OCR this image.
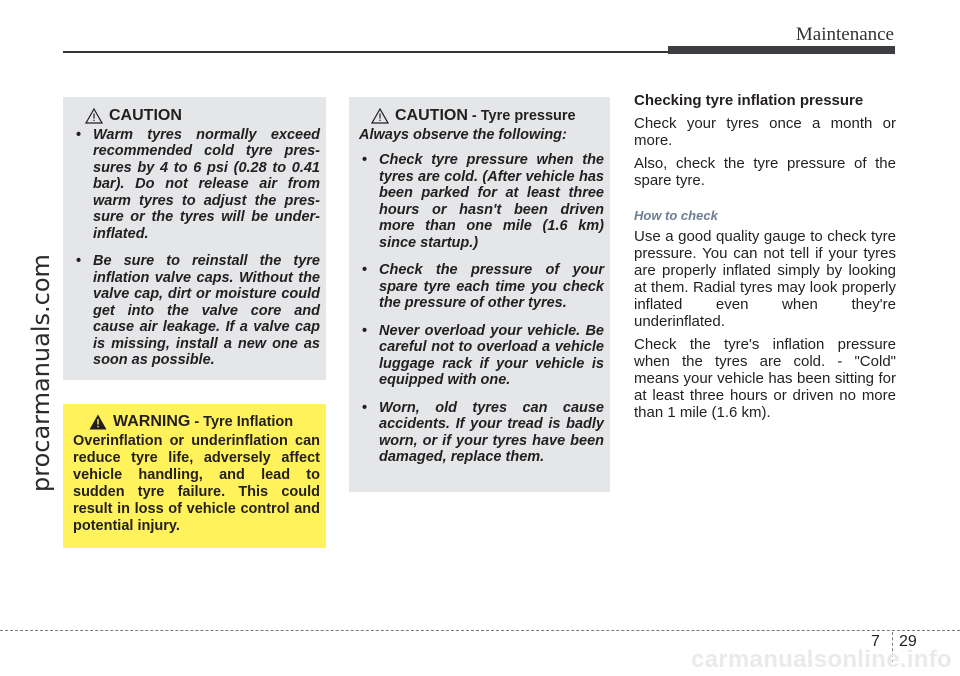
Maintenance
procarmanuals.com
CAUTION
• Warm tyres normally exceed recommended cold tyre pres-sures by 4 to 6 psi (0.28 to 0.41 bar). Do not release air from warm tyres to adjust the pres-sure or the tyres will be under-inflated.
• Be sure to reinstall the tyre inflation valve caps. Without the valve cap, dirt or moisture could get into the valve core and cause air leakage. If a valve cap is missing, install a new one as soon as possible.
WARNING - Tyre Inflation

Overinflation or underinflation can reduce tyre life, adversely affect vehicle handling, and lead to sudden tyre failure. This could result in loss of vehicle control and potential injury.

CAUTION - Tyre pressure

Always observe the following:

• Check tyre pressure when the tyres are cold. (After vehicle has been parked for at least three hours or hasn't been driven more than one mile (1.6 km) since startup.)
• Check the pressure of your spare tyre each time you check the pressure of other tyres.
• Never overload your vehicle. Be careful not to overload a vehicle luggage rack if your vehicle is equipped with one.
• Worn, old tyres can cause accidents. If your tread is badly worn, or if your tyres have been damaged, replace them.
Checking tyre inflation pressure

Check your tyres once a month or more.

Also, check the tyre pressure of the spare tyre.

How to check

Use a good quality gauge to check tyre pressure. You can not tell if your tyres are properly inflated simply by looking at them. Radial tyres may look properly inflated even when they're underinflated.

Check the tyre's inflation pressure when the tyres are cold. - "Cold" means your vehicle has been sitting for at least three hours or driven no more than 1 mile (1.6 km).

7 29
carmanualsonline.info
